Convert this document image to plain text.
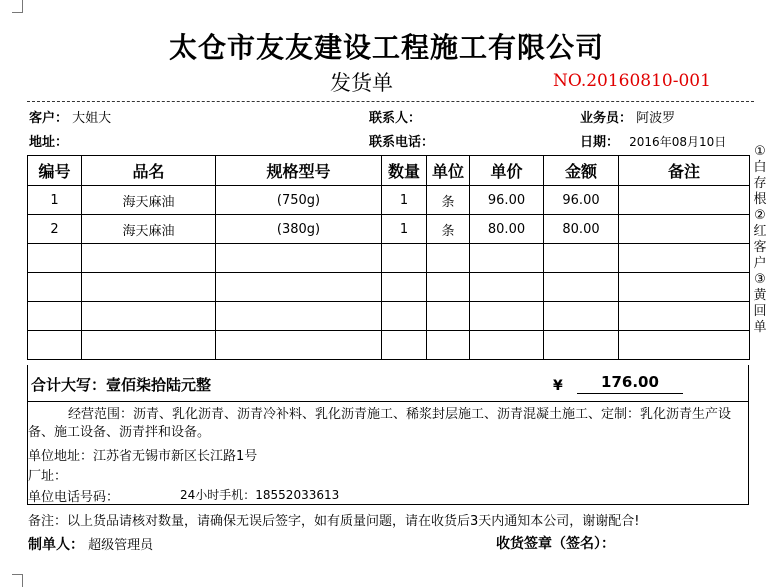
太仓市友友建设工程施工有限公司
发货单	NO.20160810-001
客户： 大姐大	联系人：	业务员： 阿波罗
地址：	联系电话：	日期： 2016年08月10日
编号	品名	规格型号	数量	单位	单价	金额	备注
1	海天麻油	(750g)	1	条	96.00	96.00	
2	海天麻油	(380g)	1	条	80.00	80.00	

①白存根②红客户③黄回单
合计大写：壹佰柒拾陆元整	¥	176.00
经营范围：沥青、乳化沥青、沥青冷补料、乳化沥青施工、稀浆封层施工、沥青混凝土施工、定制：乳化沥青生产设备、施工设备、沥青拌和设备。
单位地址：江苏省无锡市新区长江路1号
厂址：
单位电话号码：	24小时手机：18552033613
备注：以上货品请核对数量，请确保无误后签字，如有质量问题，请在收货后3天内通知本公司，谢谢配合!
制单人： 超级管理员	收货签章（签名）：
